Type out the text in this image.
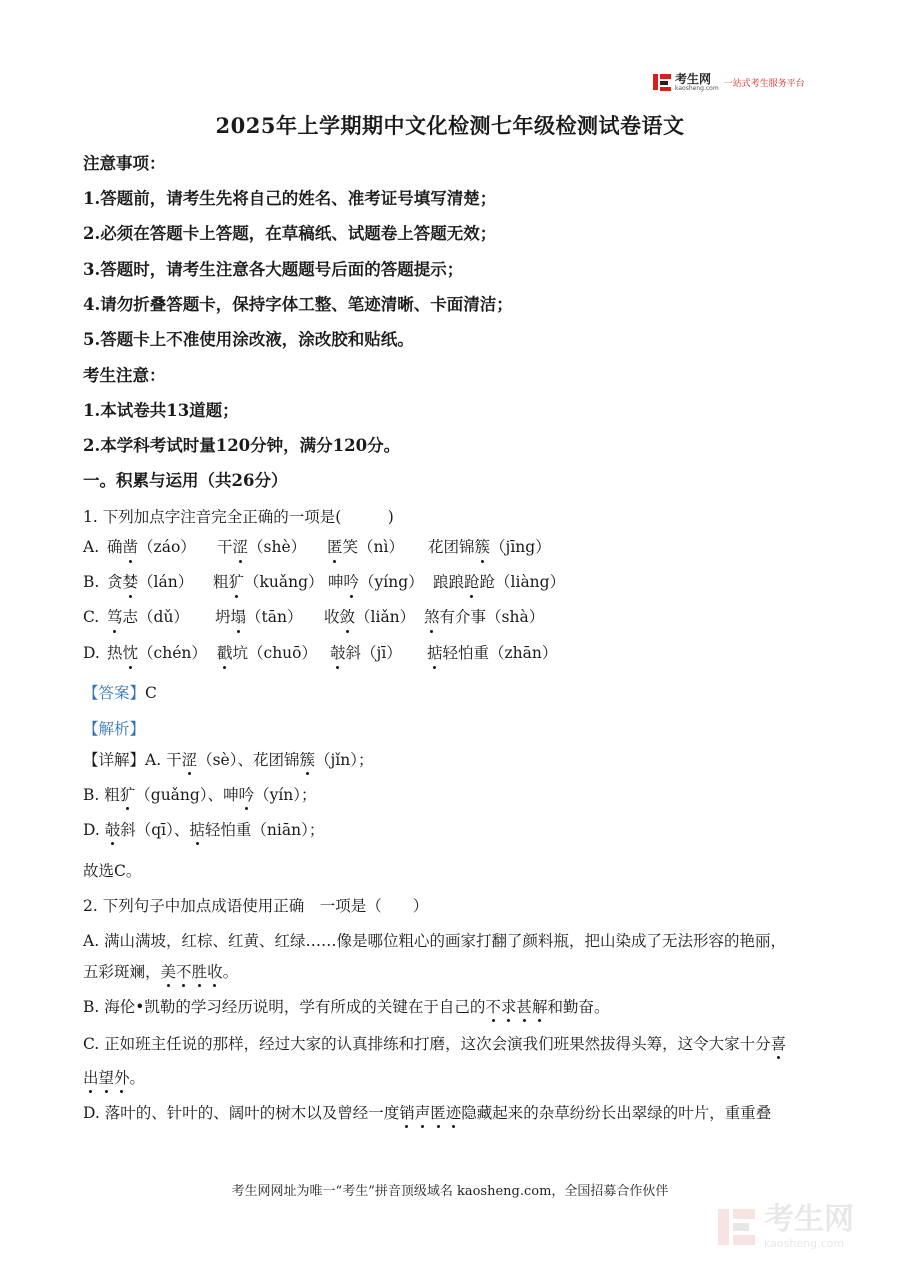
考生网
kaosheng.com 一站式考生服务平台
2025年上学期期中文化检测七年级检测试卷语文
注意事项：
1.答题前，请考生先将自己的姓名、准考证号填写清楚；
2.必须在答题卡上答题，在草稿纸、试题卷上答题无效；
3.答题时，请考生注意各大题题号后面的答题提示；
4.请勿折叠答题卡，保持字体工整、笔迹清晰、卡面清洁；
5.答题卡上不准使用涂改液，涂改胶和贴纸。
考生注意：
1.本试卷共13道题；
2.本学科考试时量120分钟，满分120分。
一。积累与运用（共26分）
1. 下列加点字注音完全正确的一项是(　　　)
A. 确凿（záo） 干涩（shè） 匿笑（nì） 花团锦簇（jīng）
B. 贪婪（lán） 粗犷（kuǎng） 呻吟（yíng） 踉踉跄跄（liàng）
C. 笃志（dǔ） 坍塌（tān） 收敛（liǎn） 煞有介事（shà）
D. 热忱（chén） 戳坑（chuō） 攲斜（jī） 掂轻怕重（zhān）
【答案】C
【解析】
【详解】A. 干涩（sè）、花团锦簇（jǐn）；
B. 粗犷（guǎng）、呻吟（yín）；
D. 攲斜（qī）、掂轻怕重（niān）；
故选C。
2. 下列句子中加点成语使用正确　一项是（　　）
A. 满山满坡，红棕、红黄、红绿……像是哪位粗心的画家打翻了颜料瓶，把山染成了无法形容的艳丽，
五彩斑斓，美不胜收。
B. 海伦•凯勒的学习经历说明，学有所成的关键在于自己的不求甚解和勤奋。
C. 正如班主任说的那样，经过大家的认真排练和打磨，这次会演我们班果然拔得头筹，这令大家十分喜
出望外。
D. 落叶的、针叶的、阔叶的树木以及曾经一度销声匿迹隐藏起来的杂草纷纷长出翠绿的叶片，重重叠
考生网网址为唯一“考生”拼音顶级域名 kaosheng.com，全国招募合作伙伴
考生网
kaosheng.com
